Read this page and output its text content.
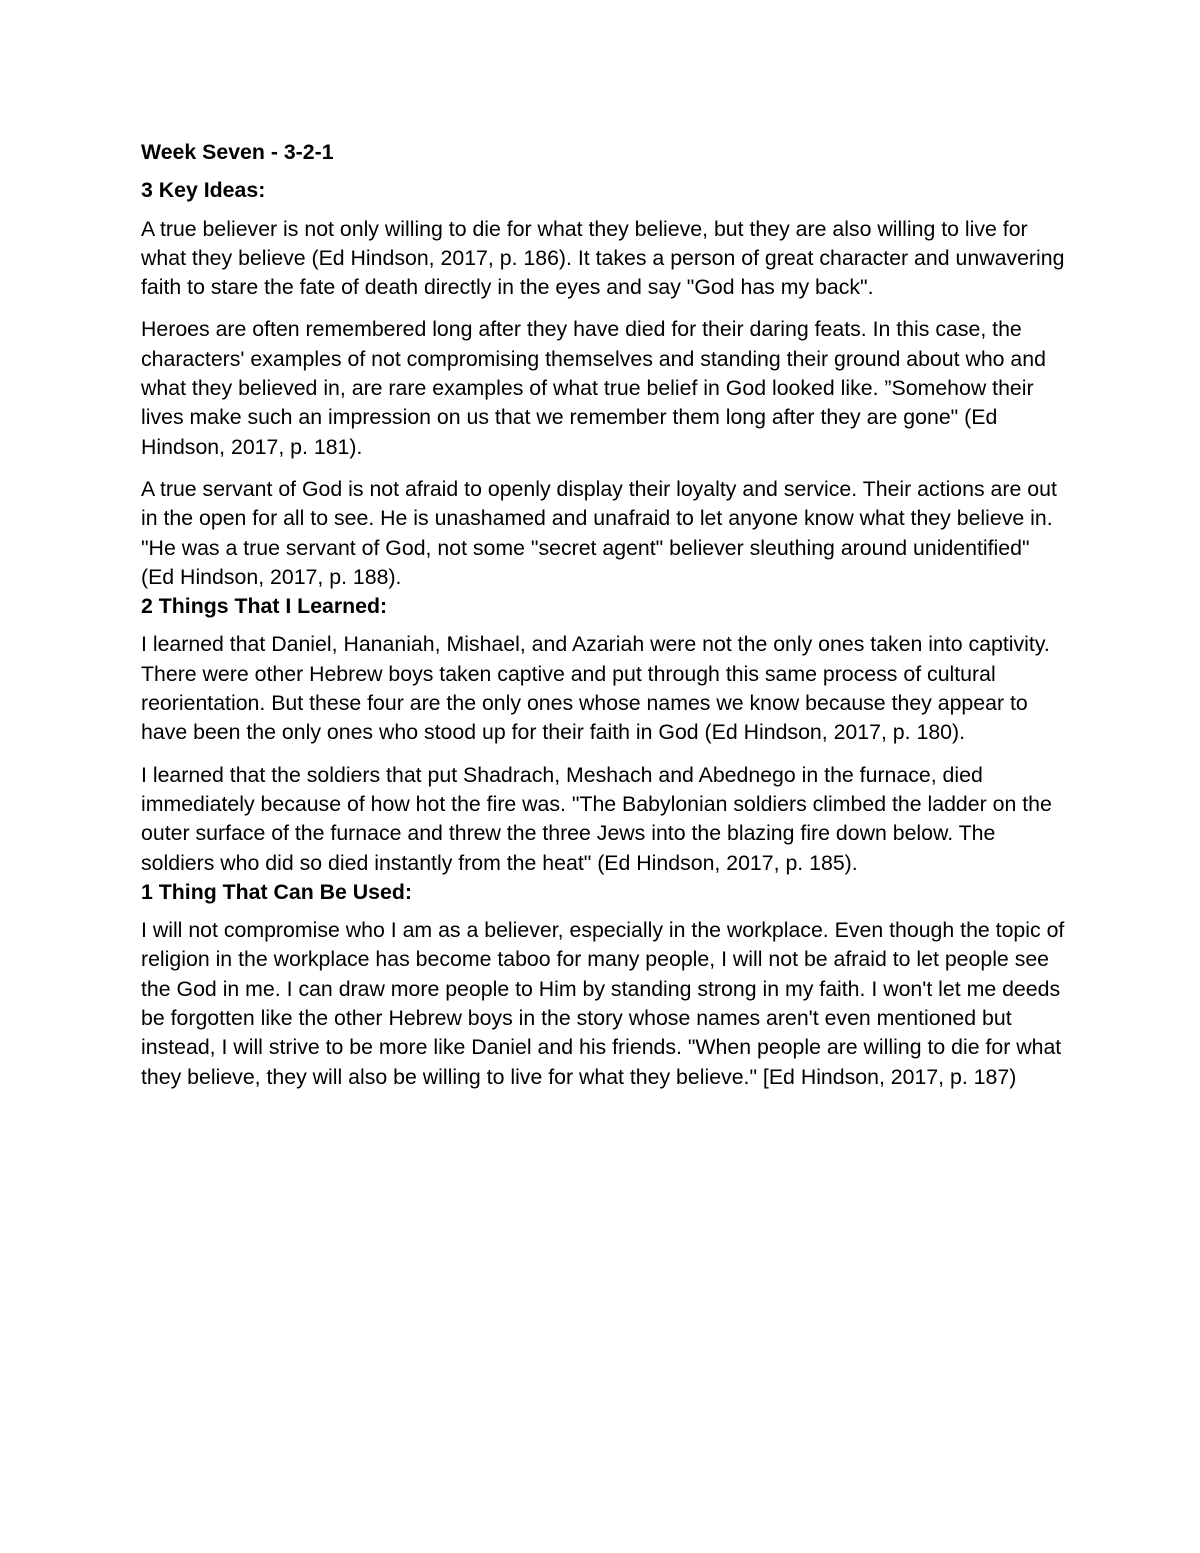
Week Seven - 3-2-1

3 Key Ideas:

A true believer is not only willing to die for what they believe, but they are also willing to live for what they believe (Ed Hindson, 2017, p. 186). It takes a person of great character and unwavering faith to stare the fate of death directly in the eyes and say "God has my back".

Heroes are often remembered long after they have died for their daring feats. In this case, the characters' examples of not compromising themselves and standing their ground about who and what they believed in, are rare examples of what true belief in God looked like. ”Somehow their lives make such an impression on us that we remember them long after they are gone" (Ed Hindson, 2017, p. 181).

A true servant of God is not afraid to openly display their loyalty and service. Their actions are out in the open for all to see. He is unashamed and unafraid to let anyone know what they believe in. "He was a true servant of God, not some "secret agent" believer sleuthing around unidentified" (Ed Hindson, 2017, p. 188).

2 Things That I Learned:

I learned that Daniel, Hananiah, Mishael, and Azariah were not the only ones taken into captivity. There were other Hebrew boys taken captive and put through this same process of cultural reorientation. But these four are the only ones whose names we know because they appear to have been the only ones who stood up for their faith in God (Ed Hindson, 2017, p. 180).

I learned that the soldiers that put Shadrach, Meshach and Abednego in the furnace, died immediately because of how hot the fire was. "The Babylonian soldiers climbed the ladder on the outer surface of the furnace and threw the three Jews into the blazing fire down below. The soldiers who did so died instantly from the heat" (Ed Hindson, 2017, p. 185).

1 Thing That Can Be Used:

I will not compromise who I am as a believer, especially in the workplace. Even though the topic of religion in the workplace has become taboo for many people, I will not be afraid to let people see the God in me. I can draw more people to Him by standing strong in my faith. I won't let me deeds be forgotten like the other Hebrew boys in the story whose names aren't even mentioned but instead, I will strive to be more like Daniel and his friends. "When people are willing to die for what they believe, they will also be willing to live for what they believe." [Ed Hindson, 2017, p. 187)
